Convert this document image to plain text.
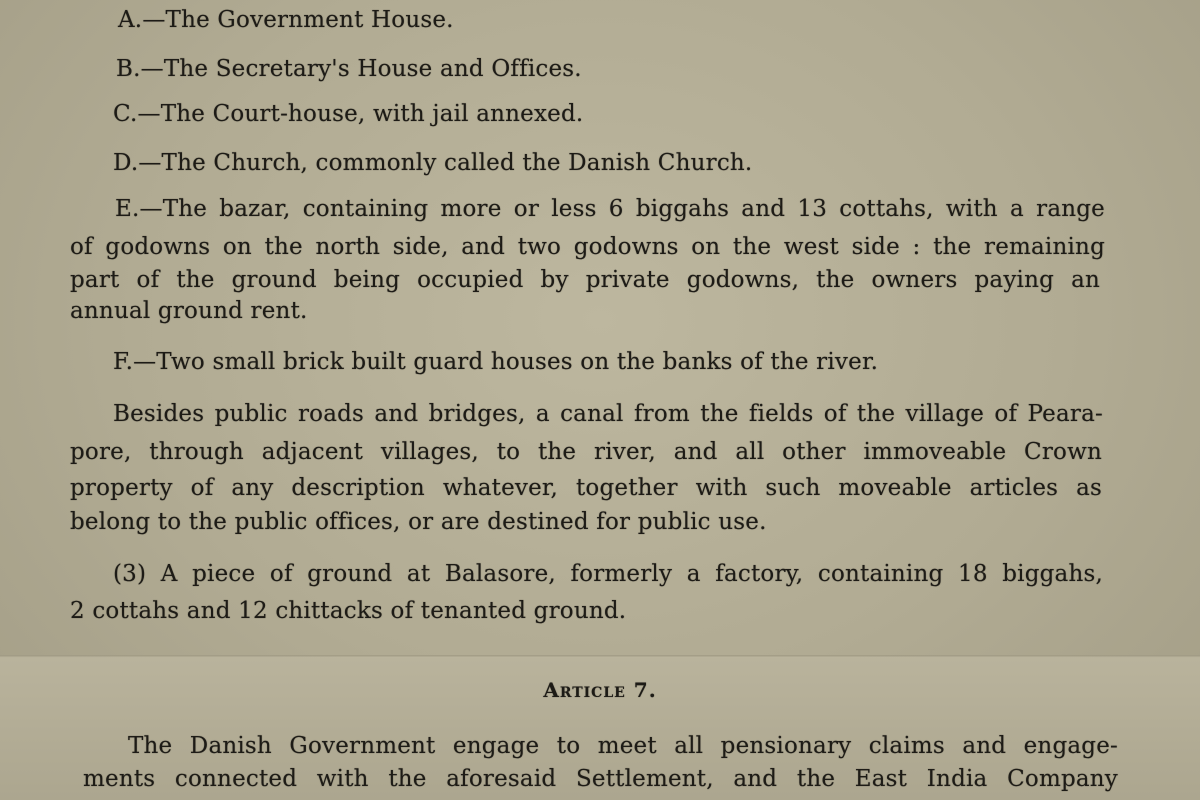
A.—The Government House.
B.—The Secretary's House and Offices.
C.—The Court-house, with jail annexed.
D.—The Church, commonly called the Danish Church.
E.—The bazar, containing more or less 6 biggahs and 13 cottahs, with a range
of godowns on the north side, and two godowns on the west side : the remaining
part of the ground being occupied by private godowns, the owners paying an
annual ground rent.
F.—Two small brick built guard houses on the banks of the river.
Besides public roads and bridges, a canal from the fields of the village of Peara-
pore, through adjacent villages, to the river, and all other immoveable Crown
property of any description whatever, together with such moveable articles as
belong to the public offices, or are destined for public use.
(3) A piece of ground at Balasore, formerly a factory, containing 18 biggahs,
2 cottahs and 12 chittacks of tenanted ground.
Article 7.
The Danish Government engage to meet all pensionary claims and engage-
ments connected with the aforesaid Settlement, and the East India Company
